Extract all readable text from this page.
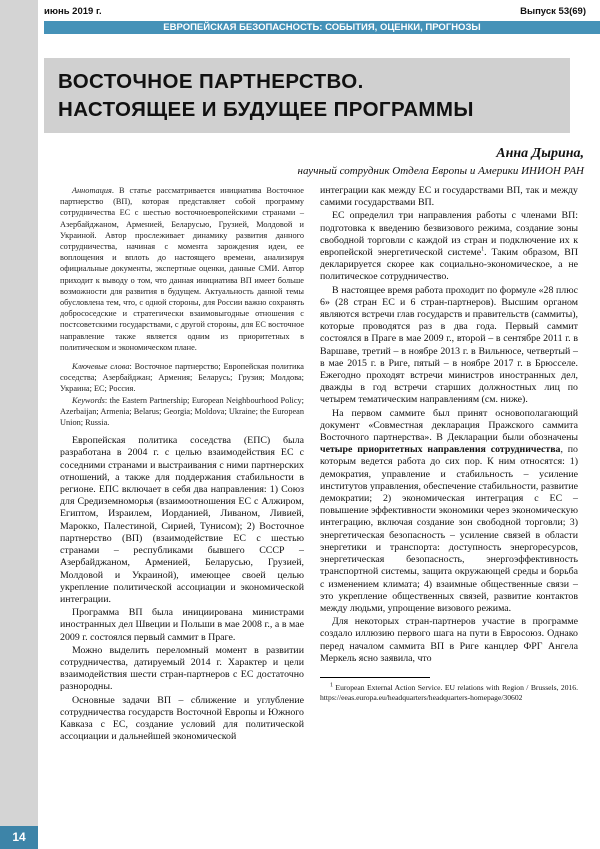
14
июнь 2019 г.	Выпуск 53(69)
ЕВРОПЕЙСКАЯ БЕЗОПАСНОСТЬ: СОБЫТИЯ, ОЦЕНКИ, ПРОГНОЗЫ
ВОСТОЧНОЕ ПАРТНЕРСТВО.
НАСТОЯЩЕЕ И БУДУЩЕЕ ПРОГРАММЫ
Анна Дырина,
научный сотрудник Отдела Европы и Америки ИНИОН РАН

Аннотация. В статье рассматривается инициатива Восточное партнерство (ВП), которая представляет собой программу сотрудничества ЕС с шестью восточноевропейскими странами – Азербайджаном, Арменией, Беларусью, Грузией, Молдовой и Украиной. Автор прослеживает динамику развития данного сотрудничества, начиная с момента зарождения идеи, ее воплощения и вплоть до настоящего времени, анализируя официальные документы, экспертные оценки, данные СМИ. Автор приходит к выводу о том, что данная инициатива ВП имеет больше возможности для развития в будущем. Актуальность данной темы обусловлена тем, что, с одной стороны, для России важно сохранять добрососедские и стратегически взаимовыгодные отношения с постсоветскими государствами, с другой стороны, для ЕС восточное направление также является одним из приоритетных в политическом и экономическом плане.

Ключевые слова: Восточное партнерство; Европейская политика соседства; Азербайджан; Армения; Беларусь; Грузия; Молдова; Украина; ЕС; Россия.

Keywords: the Eastern Partnership; European Neighbourhood Policy; Azerbaijan; Armenia; Belarus; Georgia; Moldova; Ukraine; the European Union; Russia.

Европейская политика соседства (ЕПС) была разработана в 2004 г. с целью взаимодействия ЕС с соседними странами и выстраивания с ними партнерских отношений, а также для поддержания стабильности в регионе. ЕПС включает в себя два направления: 1) Союз для Средиземноморья (взаимоотношения ЕС с Алжиром, Египтом, Израилем, Иорданией, Ливаном, Ливией, Марокко, Палестиной, Сирией, Тунисом); 2) Восточное партнерство (ВП) (взаимодействие ЕС с шестью странами – республиками бывшего СССР – Азербайджаном, Арменией, Беларусью, Грузией, Молдовой и Украиной), имеющее своей целью укрепление политической ассоциации и экономической интеграции.

Программа ВП была инициирована министрами иностранных дел Швеции и Польши в мае 2008 г., а в мае 2009 г. состоялся первый саммит в Праге.

Можно выделить переломный момент в развитии сотрудничества, датируемый 2014 г. Характер и цели взаимодействия шести стран-партнеров с ЕС достаточно разнородны.

Основные задачи ВП – сближение и углубление сотрудничества государств Восточной Европы и Южного Кавказа с ЕС, создание условий для политической ассоциации и дальнейшей экономической

интеграции как между ЕС и государствами ВП, так и между самими государствами ВП.

ЕС определил три направления работы с членами ВП: подготовка к введению безвизового режима, создание зоны свободной торговли с каждой из стран и подключение их к европейской энергетической системе$^1$. Таким образом, ВП декларируется скорее как социально-экономическое, а не политическое сотрудничество.

В настоящее время работа проходит по формуле «28 плюс 6» (28 стран ЕС и 6 стран-партнеров). Высшим органом являются встречи глав государств и правительств (саммиты), которые проводятся раз в два года. Первый саммит состоялся в Праге в мае 2009 г., второй – в сентябре 2011 г. в Варшаве, третий – в ноябре 2013 г. в Вильнюсе, четвертый – в мае 2015 г. в Риге, пятый – в ноябре 2017 г. в Брюсселе. Ежегодно проходят встречи министров иностранных дел, дважды в год встречи старших должностных лиц по четырем тематическим направлениям (см. ниже).

На первом саммите был принят основополагающий документ «Совместная декларация Пражского саммита Восточного партнерства». В Декларации были обозначены четыре приоритетных направления сотрудничества, по которым ведется работа до сих пор. К ним относятся: 1) демократия, управление и стабильность – усиление институтов управления, обеспечение стабильности, развитие демократии; 2) экономическая интеграция с ЕС – повышение эффективности экономики через экономическую интеграцию, включая создание зон свободной торговли; 3) энергетическая безопасность – усиление связей в области энергетики и транспорта: доступность энергоресурсов, энергетическая безопасность, энергоэффективность транспортной системы, защита окружающей среды и борьба с изменением климата; 4) взаимные общественные связи – это укрепление общественных связей, развитие контактов между людьми, упрощение визового режима.

Для некоторых стран-партнеров участие в программе создало иллюзию первого шага на пути в Евросоюз. Однако перед началом саммита ВП в Риге канцлер ФРГ Ангела Меркель ясно заявила, что

$^1$ European External Action Service. EU relations with Region / Brussels, 2016. https://eeas.europa.eu/headquarters/headquarters-homepage/30602
